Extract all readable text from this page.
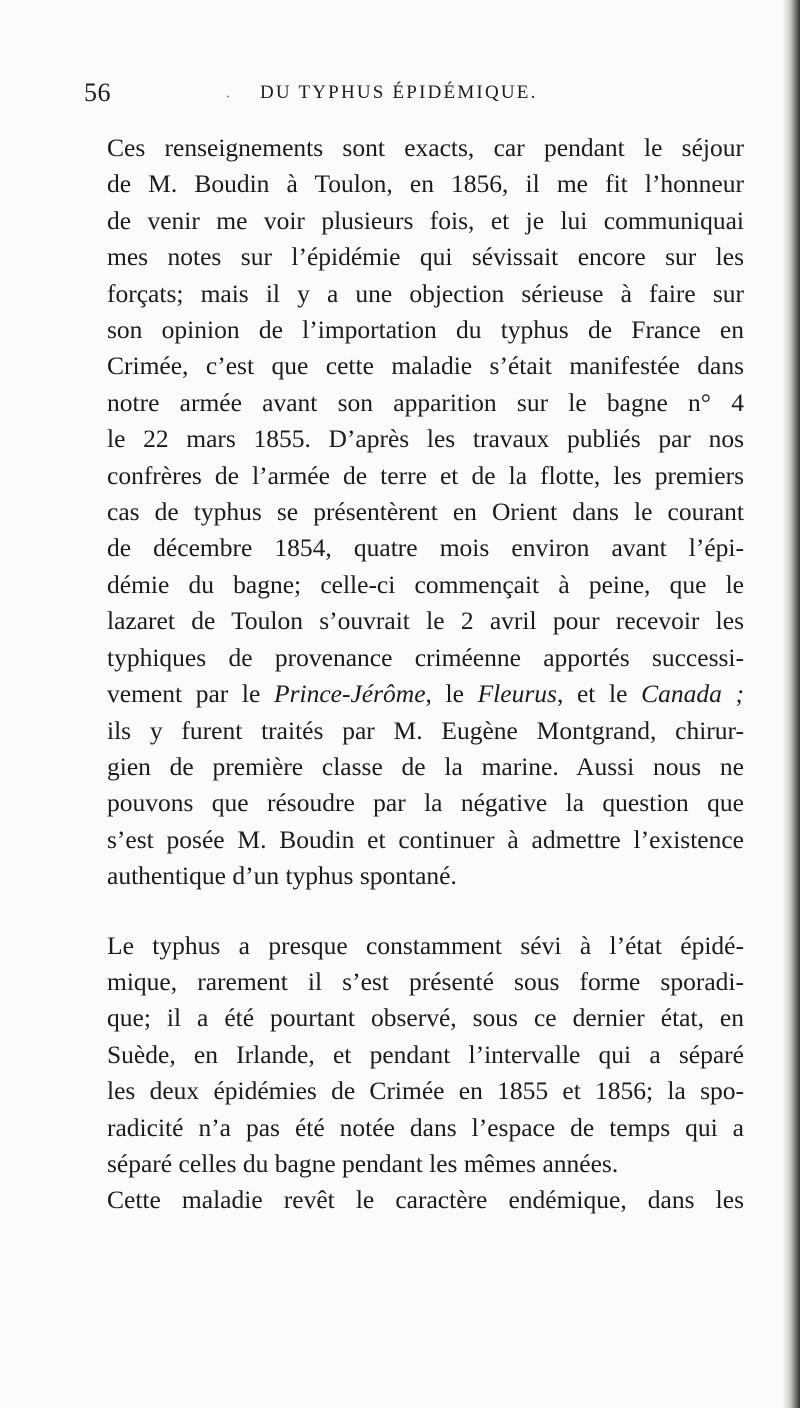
56	ˏ DU TYPHUS ÉPIDÉMIQUE.
Ces renseignements sont exacts, car pendant le séjour
de M. Boudin à Toulon, en 1856, il me fit l’honneur
de venir me voir plusieurs fois, et je lui communiquai
mes notes sur l’épidémie qui sévissait encore sur les
forçats; mais il y a une objection sérieuse à faire sur
son opinion de l’importation du typhus de France en
Crimée, c’est que cette maladie s’était manifestée dans
notre armée avant son apparition sur le bagne n° 4
le 22 mars 1855. D’après les travaux publiés par nos
confrères de l’armée de terre et de la flotte, les premiers
cas de typhus se présentèrent en Orient dans le courant
de décembre 1854, quatre mois environ avant l’épi-
démie du bagne; celle-ci commençait à peine, que le
lazaret de Toulon s’ouvrait le 2 avril pour recevoir les
typhiques de provenance criméenne apportés successi-
vement par le Prince-Jérôme, le Fleurus, et le Canada ;
ils y furent traités par M. Eugène Montgrand, chirur-
gien de première classe de la marine. Aussi nous ne
pouvons que résoudre par la négative la question que
s’est posée M. Boudin et continuer à admettre l’existence
authentique d’un typhus spontané.
Le typhus a presque constamment sévi à l’état épidé-
mique, rarement il s’est présenté sous forme sporadi-
que; il a été pourtant observé, sous ce dernier état, en
Suède, en Irlande, et pendant l’intervalle qui a séparé
les deux épidémies de Crimée en 1855 et 1856; la spo-
radicité n’a pas été notée dans l’espace de temps qui a
séparé celles du bagne pendant les mêmes années.
Cette maladie revêt le caractère endémique, dans les
